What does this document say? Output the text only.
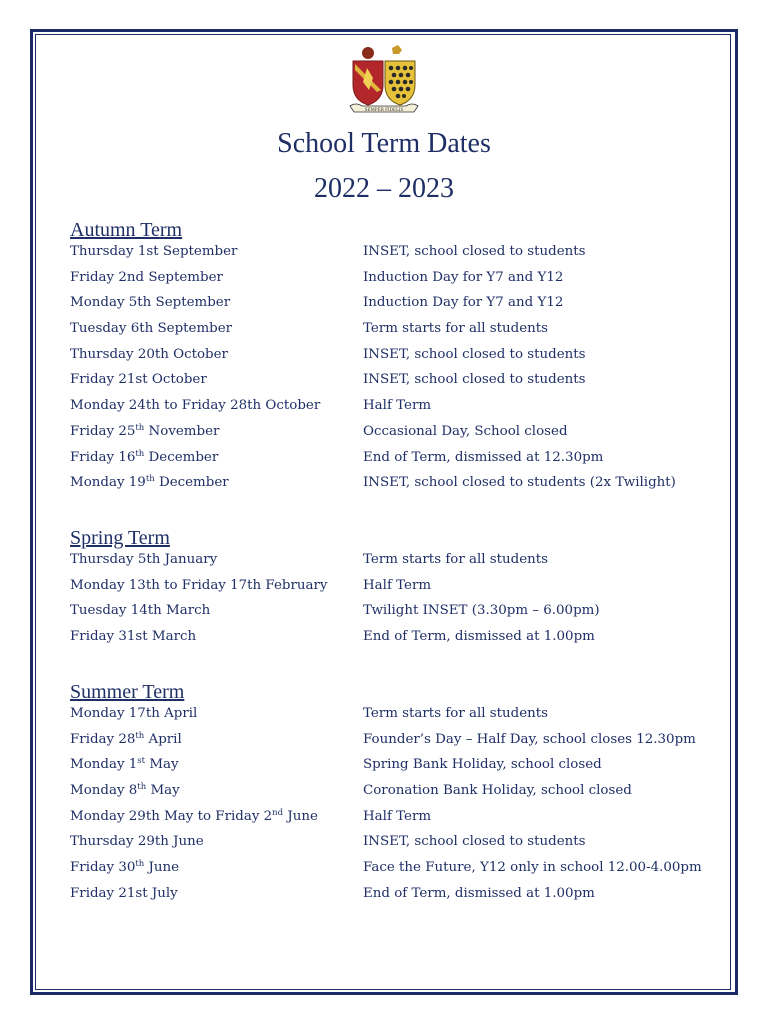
SEMPER FIDELIS
School Term Dates
2022 – 2023
Autumn Term
Thursday 1st September	INSET, school closed to students
Friday 2nd September	Induction Day for Y7 and Y12
Monday 5th September	Induction Day for Y7 and Y12
Tuesday 6th September	Term starts for all students
Thursday 20th October	INSET, school closed to students
Friday 21st October	INSET, school closed to students
Monday 24th to Friday 28th October	Half Term
Friday 25th November	Occasional Day, School closed
Friday 16th December	End of Term, dismissed at 12.30pm
Monday 19th December	INSET, school closed to students (2x Twilight)
Spring Term
Thursday 5th January	Term starts for all students
Monday 13th to Friday 17th February	Half Term
Tuesday 14th March	Twilight INSET (3.30pm – 6.00pm)
Friday 31st March	End of Term, dismissed at 1.00pm
Summer Term
Monday 17th April	Term starts for all students
Friday 28th April	Founder’s Day – Half Day, school closes 12.30pm
Monday 1st May	Spring Bank Holiday, school closed
Monday 8th May	Coronation Bank Holiday, school closed
Monday 29th May to Friday 2nd June	Half Term
Thursday 29th June	INSET, school closed to students
Friday 30th June	Face the Future, Y12 only in school 12.00-4.00pm
Friday 21st July	End of Term, dismissed at 1.00pm
